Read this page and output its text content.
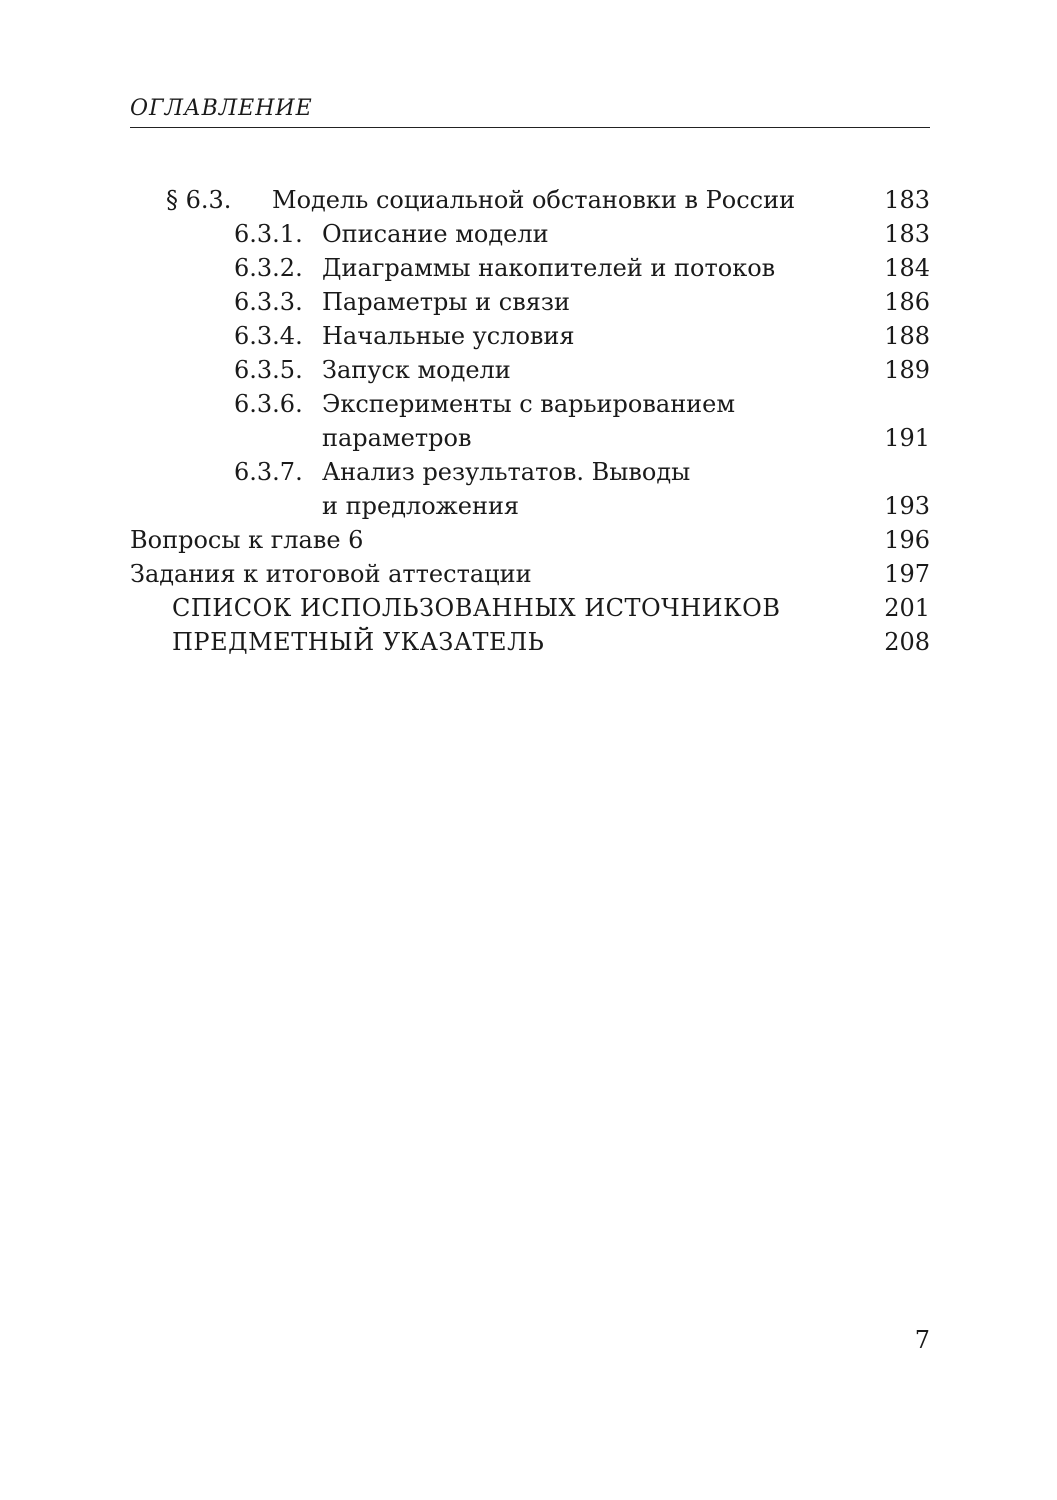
ОГЛАВЛЕНИЕ
§ 6.3. Модель социальной обстановки в России	183
6.3.1. Описание модели	183
6.3.2. Диаграммы накопителей и потоков	184
6.3.3. Параметры и связи	186
6.3.4. Начальные условия	188
6.3.5. Запуск модели	189
6.3.6. Эксперименты с варьированием
параметров	191
6.3.7. Анализ результатов. Выводы
и предложения	193
Вопросы к главе 6	196
Задания к итоговой аттестации	197
СПИСОК ИСПОЛЬЗОВАННЫХ ИСТОЧНИКОВ	201
ПРЕДМЕТНЫЙ УКАЗАТЕЛЬ	208
7
